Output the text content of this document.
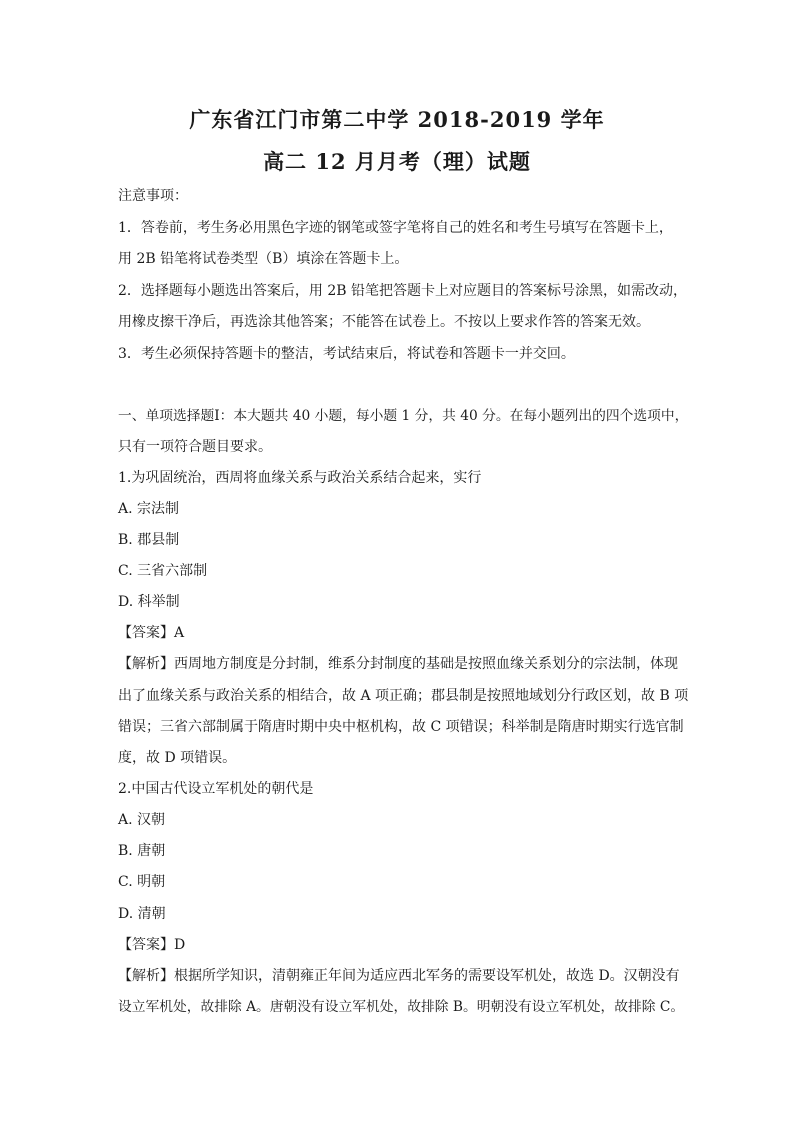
广东省江门市第二中学 2018-2019 学年
高二 12 月月考（理）试题
注意事项：
1．答卷前，考生务必用黑色字迹的钢笔或签字笔将自己的姓名和考生号填写在答题卡上，
用 2B 铅笔将试卷类型（B）填涂在答题卡上。
2．选择题每小题选出答案后，用 2B 铅笔把答题卡上对应题目的答案标号涂黑，如需改动，
用橡皮擦干净后，再选涂其他答案；不能答在试卷上。不按以上要求作答的答案无效。
3．考生必须保持答题卡的整洁，考试结束后，将试卷和答题卡一并交回。
一、单项选择题Ⅰ：本大题共 40 小题，每小题 1 分，共 40 分。在每小题列出的四个选项中，
只有一项符合题目要求。
1.为巩固统治，西周将血缘关系与政治关系结合起来，实行
A. 宗法制
B. 郡县制
C. 三省六部制
D. 科举制
【答案】A
【解析】西周地方制度是分封制，维系分封制度的基础是按照血缘关系划分的宗法制，体现
出了血缘关系与政治关系的相结合，故 A 项正确；郡县制是按照地域划分行政区划，故 B 项
错误；三省六部制属于隋唐时期中央中枢机构，故 C 项错误；科举制是隋唐时期实行选官制
度，故 D 项错误。
2.中国古代设立军机处的朝代是
A. 汉朝
B. 唐朝
C. 明朝
D. 清朝
【答案】D
【解析】根据所学知识，清朝雍正年间为适应西北军务的需要设军机处，故选 D。汉朝没有
设立军机处，故排除 A。唐朝没有设立军机处，故排除 B。明朝没有设立军机处，故排除 C。
